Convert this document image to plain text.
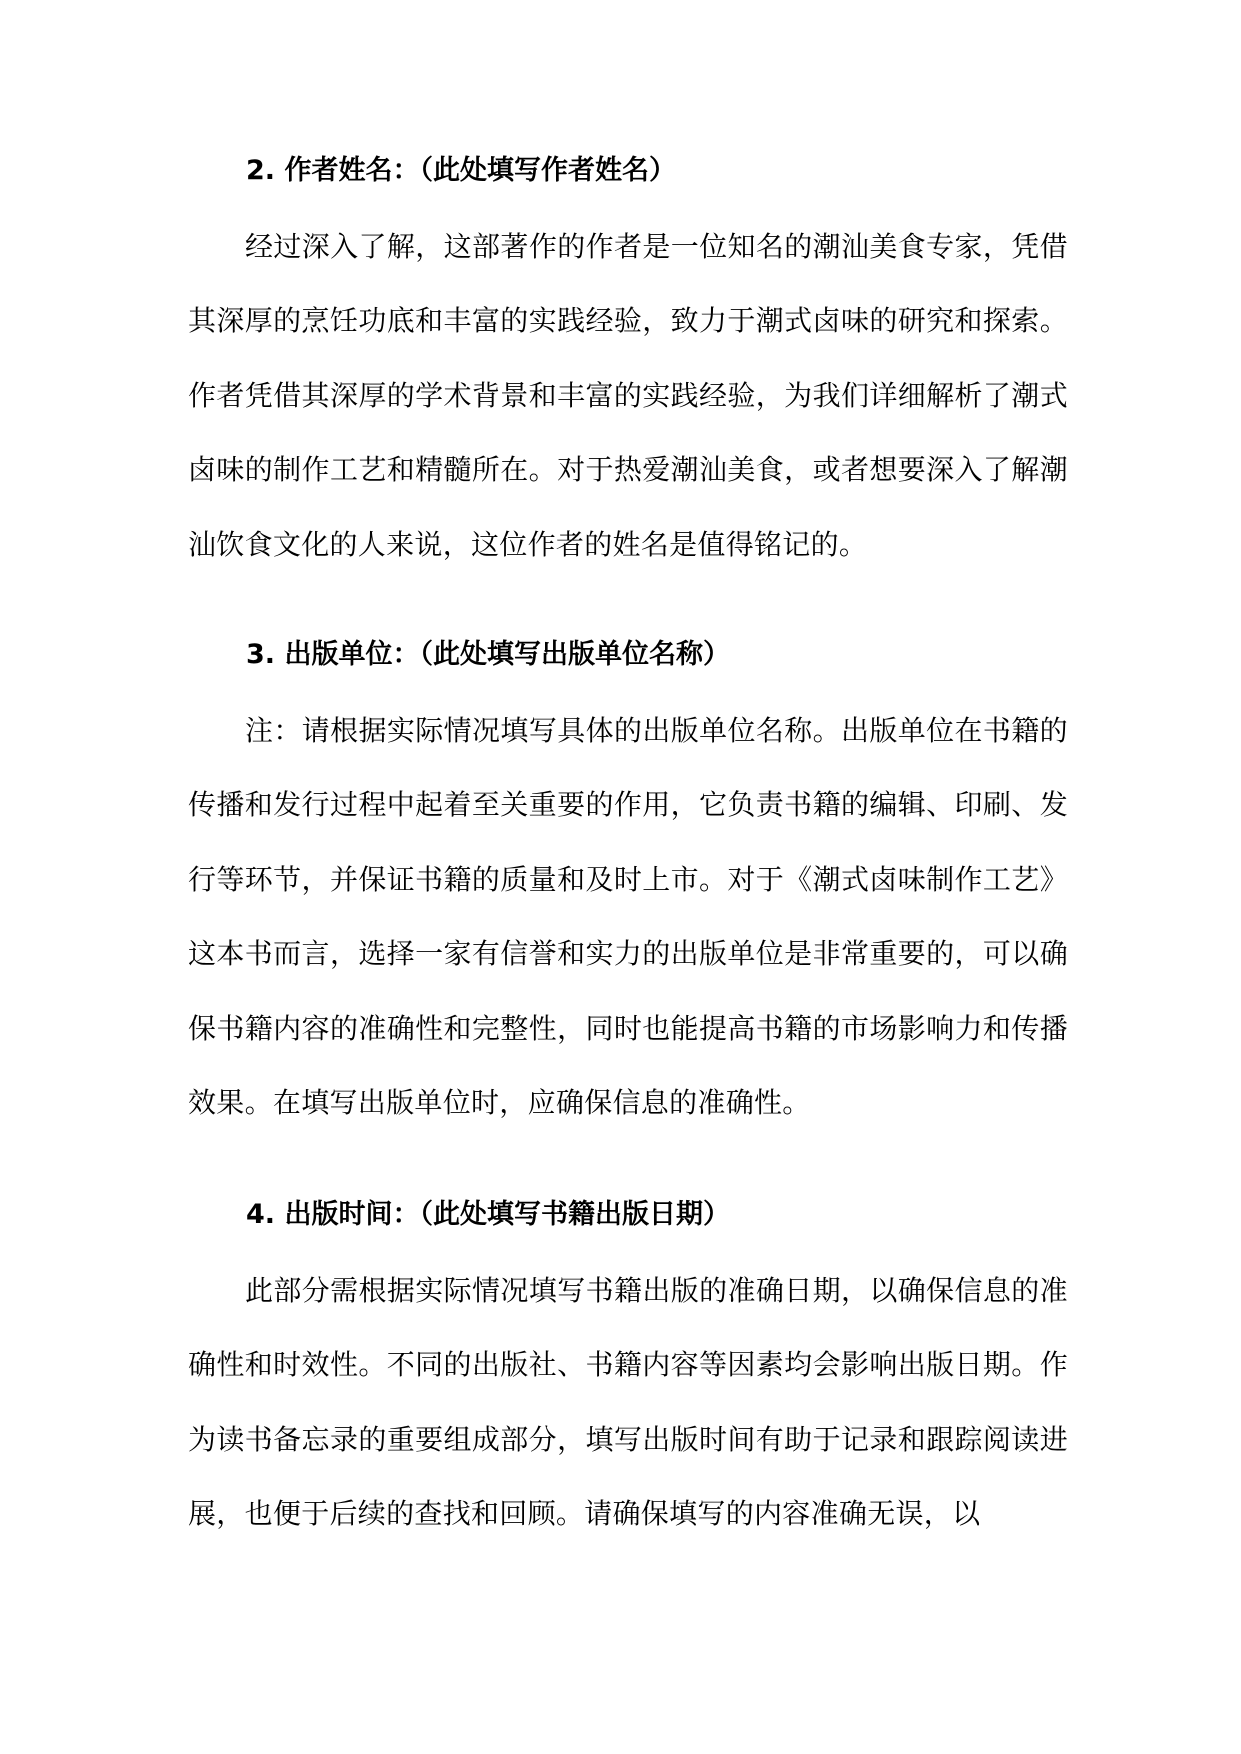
2. 作者姓名：（此处填写作者姓名）

经过深入了解，这部著作的作者是一位知名的潮汕美食专家，凭借其深厚的烹饪功底和丰富的实践经验，致力于潮式卤味的研究和探索。作者凭借其深厚的学术背景和丰富的实践经验，为我们详细解析了潮式卤味的制作工艺和精髓所在。对于热爱潮汕美食，或者想要深入了解潮汕饮食文化的人来说，这位作者的姓名是值得铭记的。

3. 出版单位：（此处填写出版单位名称）

注：请根据实际情况填写具体的出版单位名称。出版单位在书籍的传播和发行过程中起着至关重要的作用，它负责书籍的编辑、印刷、发行等环节，并保证书籍的质量和及时上市。对于《潮式卤味制作工艺》这本书而言，选择一家有信誉和实力的出版单位是非常重要的，可以确保书籍内容的准确性和完整性，同时也能提高书籍的市场影响力和传播效果。在填写出版单位时，应确保信息的准确性。

4. 出版时间：（此处填写书籍出版日期）

此部分需根据实际情况填写书籍出版的准确日期，以确保信息的准确性和时效性。不同的出版社、书籍内容等因素均会影响出版日期。作为读书备忘录的重要组成部分，填写出版时间有助于记录和跟踪阅读进展，也便于后续的查找和回顾。请确保填写的内容准确无误，以
